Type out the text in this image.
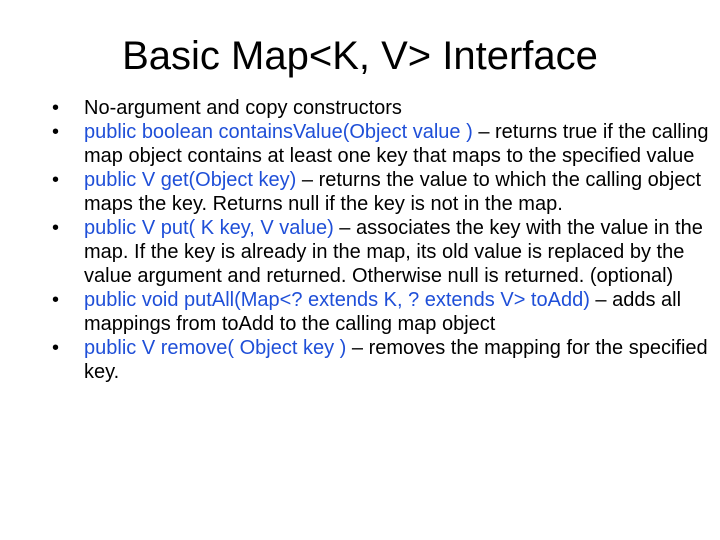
Basic Map<K, V> Interface
• No-argument and copy constructors
• public boolean containsValue(Object value ) – returns true if the calling map object contains at least one key that maps to the specified value
• public V get(Object key) – returns the value to which the calling object maps the key. Returns null if the key is not in the map.
• public V put( K key, V value) – associates the key with the value in the map. If the key is already in the map, its old value is replaced by the value argument and returned. Otherwise null is returned. (optional)
• public void putAll(Map<? extends K, ? extends V> toAdd) – adds all mappings from toAdd to the calling map object
• public V remove( Object key ) – removes the mapping for the specified key.
